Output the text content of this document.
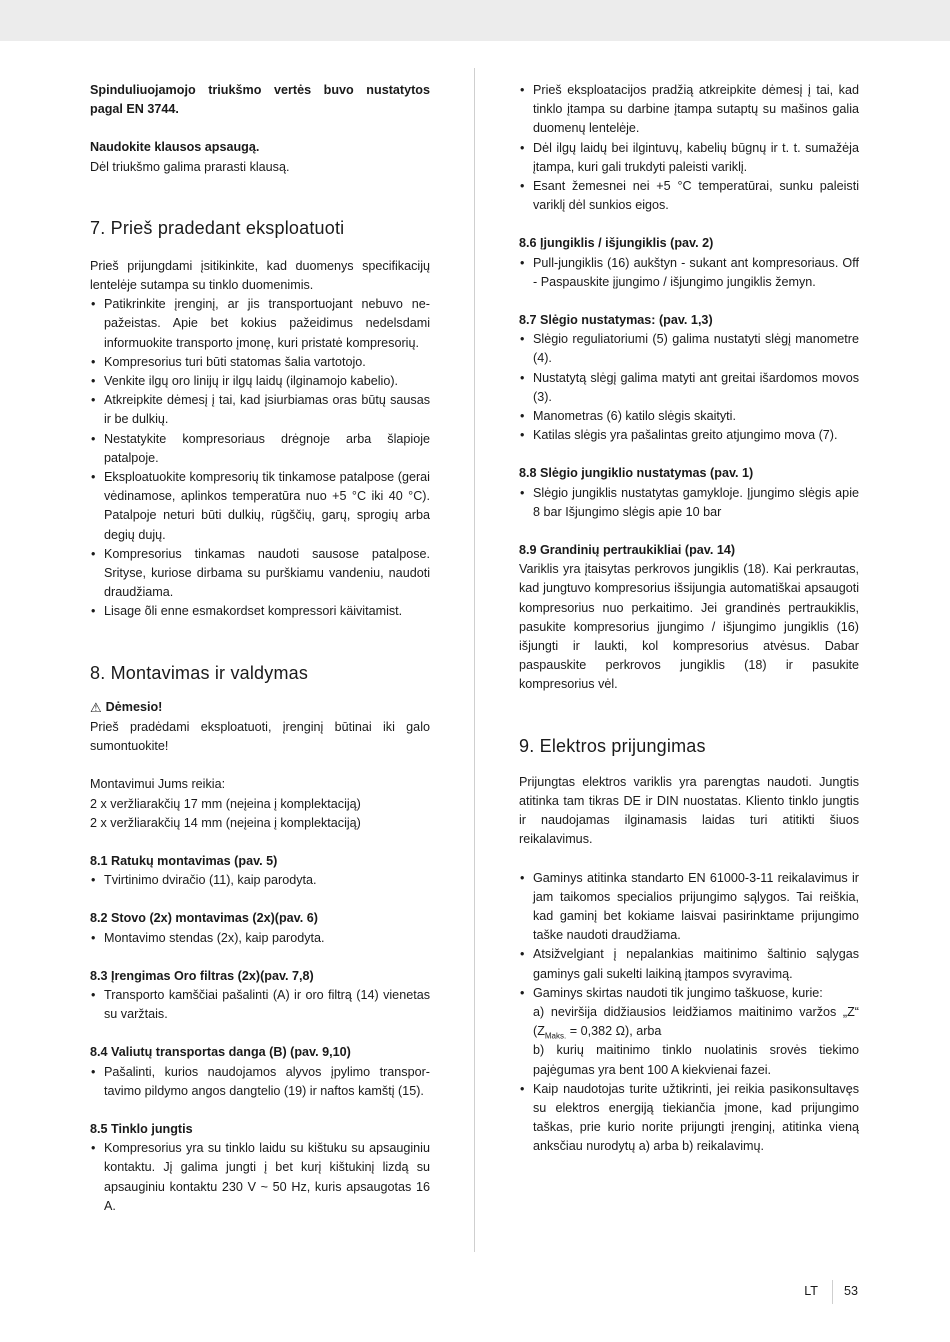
Spinduliuojamojo triukšmo vertės buvo nustatytos pagal EN 3744.

Naudokite klausos apsaugą.

Dėl triukšmo galima prarasti klausą.

7. Prieš pradedant eksploatuoti

Prieš prijungdami įsitikinkite, kad duomenys specifikacijų lentelėje sutampa su tinklo duomenimis.

• Patikrinkite įrenginį, ar jis transportuojant nebuvo nepažeistas. Apie bet kokius pažeidimus nedelsdami informuokite transporto įmonę, kuri pristatė kompresorių.
• Kompresorius turi būti statomas šalia vartotojo.
• Venkite ilgų oro linijų ir ilgų laidų (ilginamojo kabelio).
• Atkreipkite dėmesį į tai, kad įsiurbiamas oras būtų sausas ir be dulkių.
• Nestatykite kompresoriaus drėgnoje arba šlapioje patalpoje.
• Eksploatuokite kompresorių tik tinkamose patalpose (gerai vėdinamose, aplinkos temperatūra nuo +5 °C iki 40 °C). Patalpoje neturi būti dulkių, rūgščių, garų, sprogių arba degių dujų.
• Kompresorius tinkamas naudoti sausose patalpose. Srityse, kuriose dirbama su purškiamu vandeniu, naudoti draudžiama.
• Lisage õli enne esmakordset kompressori käivitamist.
8. Montavimas ir valdymas

⚠ Dėmesio!

Prieš pradėdami eksploatuoti, įrenginį būtinai iki galo sumontuokite!

Montavimui Jums reikia:

2 x veržliarakčių 17 mm (neįeina į komplektaciją)

2 x veržliarakčių 14 mm (neįeina į komplektaciją)

8.1 Ratukų montavimas (pav. 5)

• Tvirtinimo dviračio (11), kaip parodyta.

8.2 Stovo (2x) montavimas (2x)(pav. 6)

• Montavimo stendas (2x), kaip parodyta.

8.3 Įrengimas Oro filtras (2x)(pav. 7,8)

• Transporto kamščiai pašalinti (A) ir oro filtrą (14) vienetas su varžtais.

8.4 Valiutų transportas danga (B) (pav. 9,10)

• Pašalinti, kurios naudojamos alyvos įpylimo transportavimo pildymo angos dangtelio (19) ir naftos kamštį (15).

8.5 Tinklo jungtis

• Kompresorius yra su tinklo laidu su kištuku su apsauginiu kontaktu. Jį galima jungti į bet kurį kištukinį lizdą su apsauginiu kontaktu 230 V ~ 50 Hz, kuris apsaugotas 16 A.
• Prieš eksploatacijos pradžią atkreipkite dėmesį į tai, kad tinklo įtampa su darbine įtampa sutaptų su mašinos galia duomenų lentelėje.
• Dėl ilgų laidų bei ilgintuvų, kabelių būgnų ir t. t. sumažėja įtampa, kuri gali trukdyti paleisti variklį.
• Esant žemesnei nei +5 °C temperatūrai, sunku paleisti variklį dėl sunkios eigos.

8.6 Įjungiklis / išjungiklis (pav. 2)

• Pull-jungiklis (16) aukštyn - sukant ant kompresoriaus. Off - Paspauskite įjungimo / išjungimo jungiklis žemyn.

8.7 Slėgio nustatymas: (pav. 1,3)

• Slėgio reguliatoriumi (5) galima nustatyti slėgį manometre (4).
• Nustatytą slėgį galima matyti ant greitai išardomos movos (3).
• Manometras (6) katilo slėgis skaityti.
• Katilas slėgis yra pašalintas greito atjungimo mova (7).

8.8 Slėgio jungiklio nustatymas (pav. 1)

• Slėgio jungiklis nustatytas gamykloje. Įjungimo slėgis apie 8 bar Išjungimo slėgis apie 10 bar

8.9 Grandinių pertraukikliai (pav. 14)

Variklis yra įtaisytas perkrovos jungiklis (18). Kai perkrautas, kad jungtuvo kompresorius išsijungia automatiškai apsaugoti kompresorius nuo perkaitimo. Jei grandinės pertraukiklis, pasukite kompresorius įjungimo / išjungimo jungiklis (16) išjungti ir laukti, kol kompresorius atvėsus. Dabar paspauskite perkrovos jungiklis (18) ir pasukite kompresorius vėl.

9. Elektros prijungimas

Prijungtas elektros variklis yra parengtas naudoti. Jungtis atitinka tam tikras DE ir DIN nuostatas. Kliento tinklo jungtis ir naudojamas ilginamasis laidas turi atitikti šiuos reikalavimus.

• Gaminys atitinka standarto EN 61000-3-11 reikalavimus ir jam taikomos specialios prijungimo sąlygos. Tai reiškia, kad gaminį bet kokiame laisvai pasirinktame prijungimo taške naudoti draudžiama.
• Atsižvelgiant į nepalankias maitinimo šaltinio sąlygas gaminys gali sukelti laikiną įtampos svyravimą.
• Gaminys skirtas naudoti tik jungimo taškuose, kurie:
a) neviršija didžiausios leidžiamos maitinimo varžos „Z“ ($Z_{Maks.} = 0,382$ Ω), arba
b) kurių maitinimo tinklo nuolatinis srovės tiekimo pajėgumas yra bent 100 A kiekvienai fazei.
• Kaip naudotojas turite užtikrinti, jei reikia pasikonsultavęs su elektros energiją tiekiančia įmone, kad prijungimo taškas, prie kurio norite prijungti įrenginį, atitinka vieną anksčiau nurodytų a) arba b) reikalavimų.
LT 53
